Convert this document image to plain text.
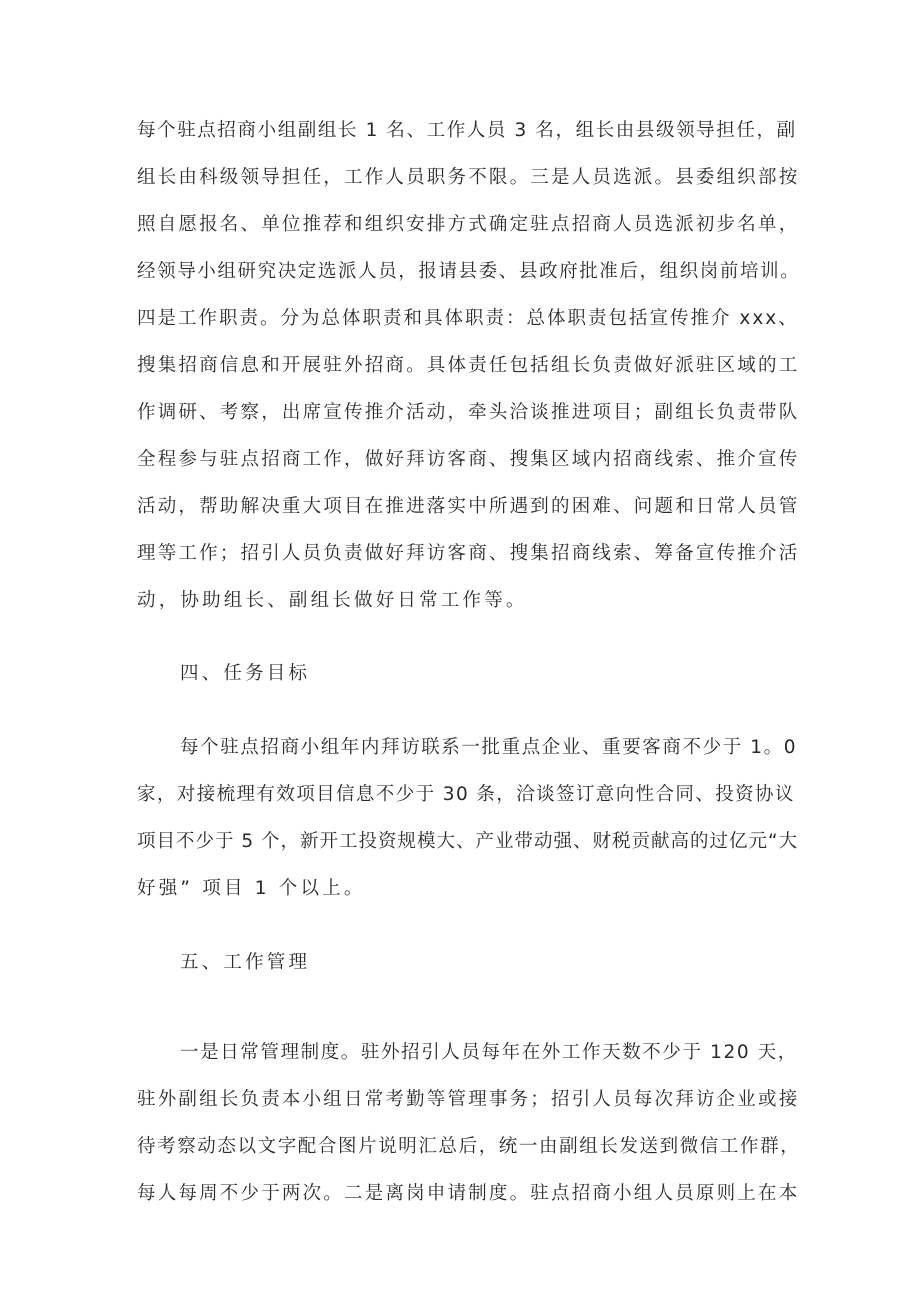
每个驻点招商小组副组长 1 名、工作人员 3 名，组长由县级领导担任，副

组长由科级领导担任，工作人员职务不限。三是人员选派。县委组织部按

照自愿报名、单位推荐和组织安排方式确定驻点招商人员选派初步名单，

经领导小组研究决定选派人员，报请县委、县政府批准后，组织岗前培训。

四是工作职责。分为总体职责和具体职责：总体职责包括宣传推介 xxx、

搜集招商信息和开展驻外招商。具体责任包括组长负责做好派驻区域的工

作调研、考察，出席宣传推介活动，牵头洽谈推进项目；副组长负责带队

全程参与驻点招商工作，做好拜访客商、搜集区域内招商线索、推介宣传

活动，帮助解决重大项目在推进落实中所遇到的困难、问题和日常人员管

理等工作；招引人员负责做好拜访客商、搜集招商线索、筹备宣传推介活

动，协助组长、副组长做好日常工作等。

四、任务目标

每个驻点招商小组年内拜访联系一批重点企业、重要客商不少于 1。0

家，对接梳理有效项目信息不少于 30 条，洽谈签订意向性合同、投资协议

项目不少于 5 个，新开工投资规模大、产业带动强、财税贡献高的过亿元“大

好强” 项目 1 个以上。

五、工作管理

一是日常管理制度。驻外招引人员每年在外工作天数不少于 120 天，

驻外副组长负责本小组日常考勤等管理事务；招引人员每次拜访企业或接

待考察动态以文字配合图片说明汇总后，统一由副组长发送到微信工作群，

每人每周不少于两次。二是离岗申请制度。驻点招商小组人员原则上在本
